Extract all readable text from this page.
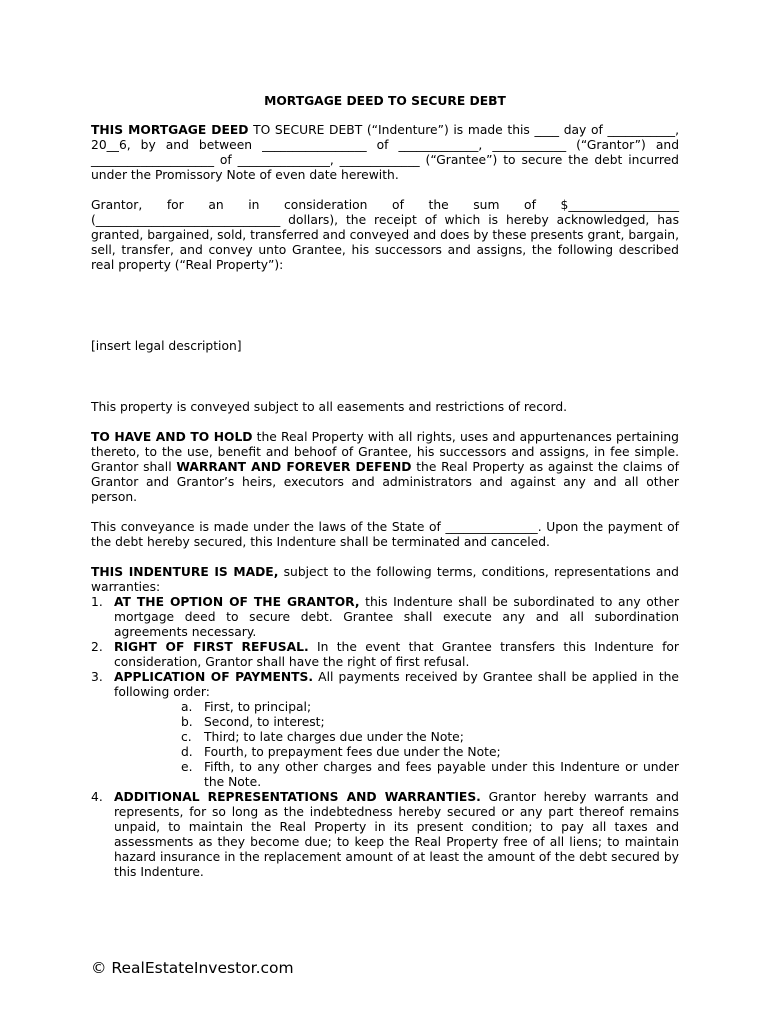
MORTGAGE DEED TO SECURE DEBT

THIS MORTGAGE DEED TO SECURE DEBT (“Indenture”) is made this ____ day of ___________, 20__6, by and between _________________ of _____________, ____________ (“Grantor”) and ____________________ of _______________, _____________ (“Grantee”) to secure the debt incurred under the Promissory Note of even date herewith.

Grantor, for an in consideration of the sum of $__________________ (______________________________ dollars), the receipt of which is hereby acknowledged, has granted, bargained, sold, transferred and conveyed and does by these presents grant, bargain, sell, transfer, and convey unto Grantee, his successors and assigns, the following described real property (“Real Property”):

[insert legal description]

This property is conveyed subject to all easements and restrictions of record.

TO HAVE AND TO HOLD the Real Property with all rights, uses and appurtenances pertaining thereto, to the use, benefit and behoof of Grantee, his successors and assigns, in fee simple. Grantor shall WARRANT AND FOREVER DEFEND the Real Property as against the claims of Grantor and Grantor’s heirs, executors and administrators and against any and all other person.

This conveyance is made under the laws of the State of _______________. Upon the payment of the debt hereby secured, this Indenture shall be terminated and canceled.

THIS INDENTURE IS MADE, subject to the following terms, conditions, representations and warranties:

1. AT THE OPTION OF THE GRANTOR, this Indenture shall be subordinated to any other mortgage deed to secure debt. Grantee shall execute any and all subordination agreements necessary.
2. RIGHT OF FIRST REFUSAL. In the event that Grantee transfers this Indenture for consideration, Grantor shall have the right of first refusal.
3. APPLICATION OF PAYMENTS. All payments received by Grantee shall be applied in the following order:
a. First, to principal;
b. Second, to interest;
c. Third; to late charges due under the Note;
d. Fourth, to prepayment fees due under the Note;
e. Fifth, to any other charges and fees payable under this Indenture or under the Note.
4. ADDITIONAL REPRESENTATIONS AND WARRANTIES. Grantor hereby warrants and represents, for so long as the indebtedness hereby secured or any part thereof remains unpaid, to maintain the Real Property in its present condition; to pay all taxes and assessments as they become due; to keep the Real Property free of all liens; to maintain hazard insurance in the replacement amount of at least the amount of the debt secured by this Indenture.
© RealEstateInvestor.com
